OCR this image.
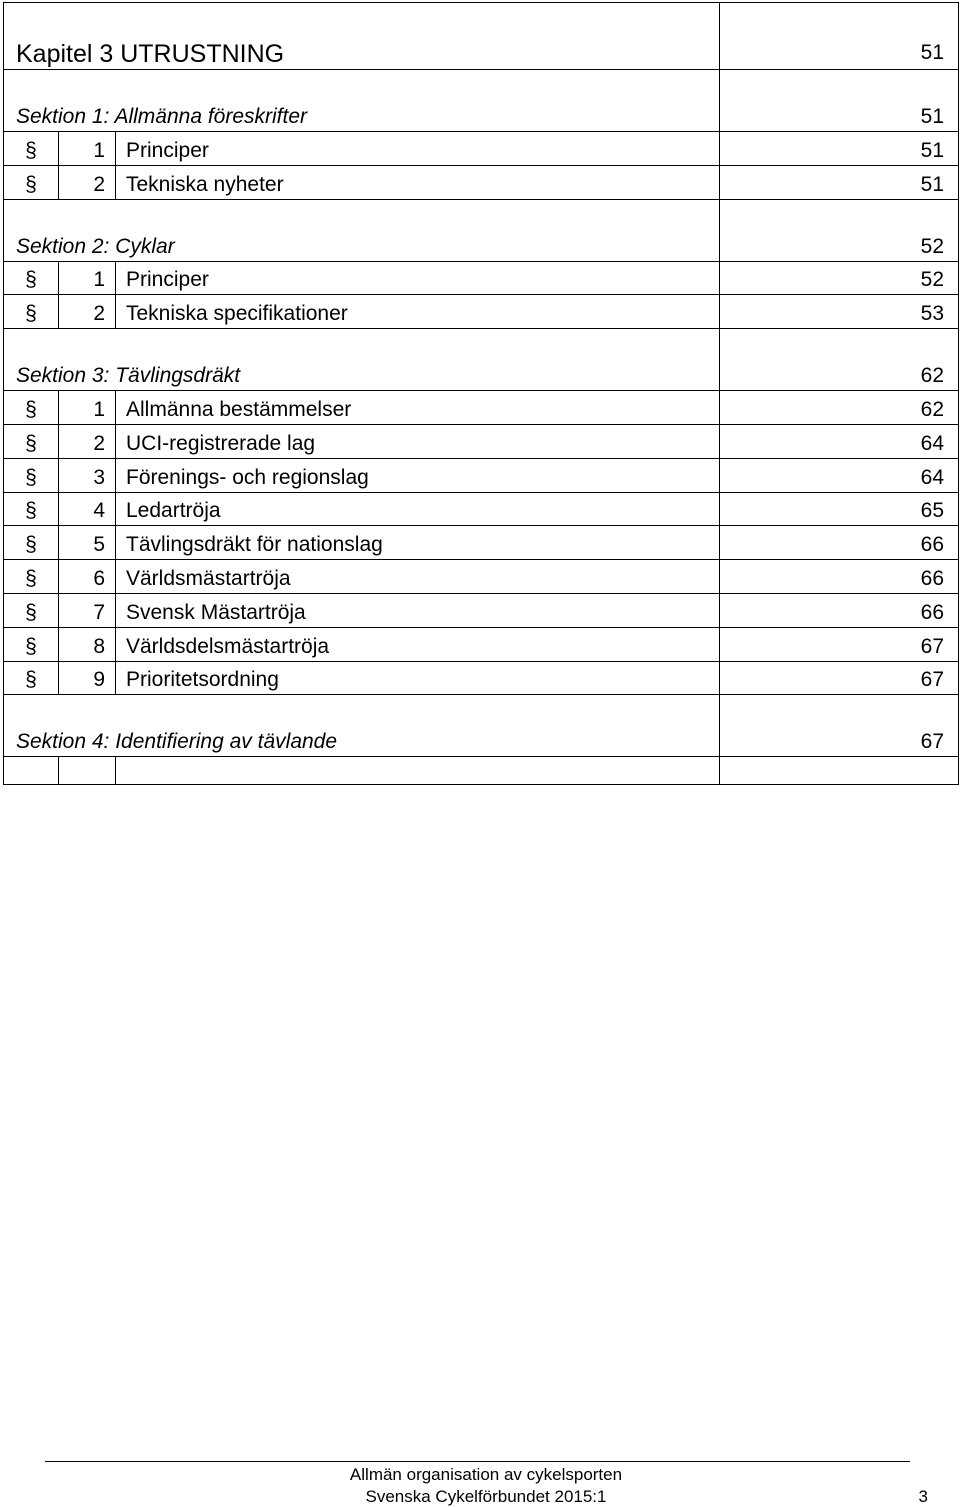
Kapitel 3 UTRUSTNING			51
Sektion 1: Allmänna föreskrifter			51
§	1	Principer	51
§	2	Tekniska nyheter	51
Sektion 2: Cyklar			52
§	1	Principer	52
§	2	Tekniska specifikationer	53
Sektion 3: Tävlingsdräkt			62
§	1	Allmänna bestämmelser	62
§	2	UCI-registrerade lag	64
§	3	Förenings- och regionslag	64
§	4	Ledartröja	65
§	5	Tävlingsdräkt för nationslag	66
§	6	Världsmästartröja	66
§	7	Svensk Mästartröja	66
§	8	Världsdelsmästartröja	67
§	9	Prioritetsordning	67
Sektion 4: Identifiering av tävlande			67

Allmän organisation av cykelsporten
Svenska Cykelförbundet 2015:1	3
